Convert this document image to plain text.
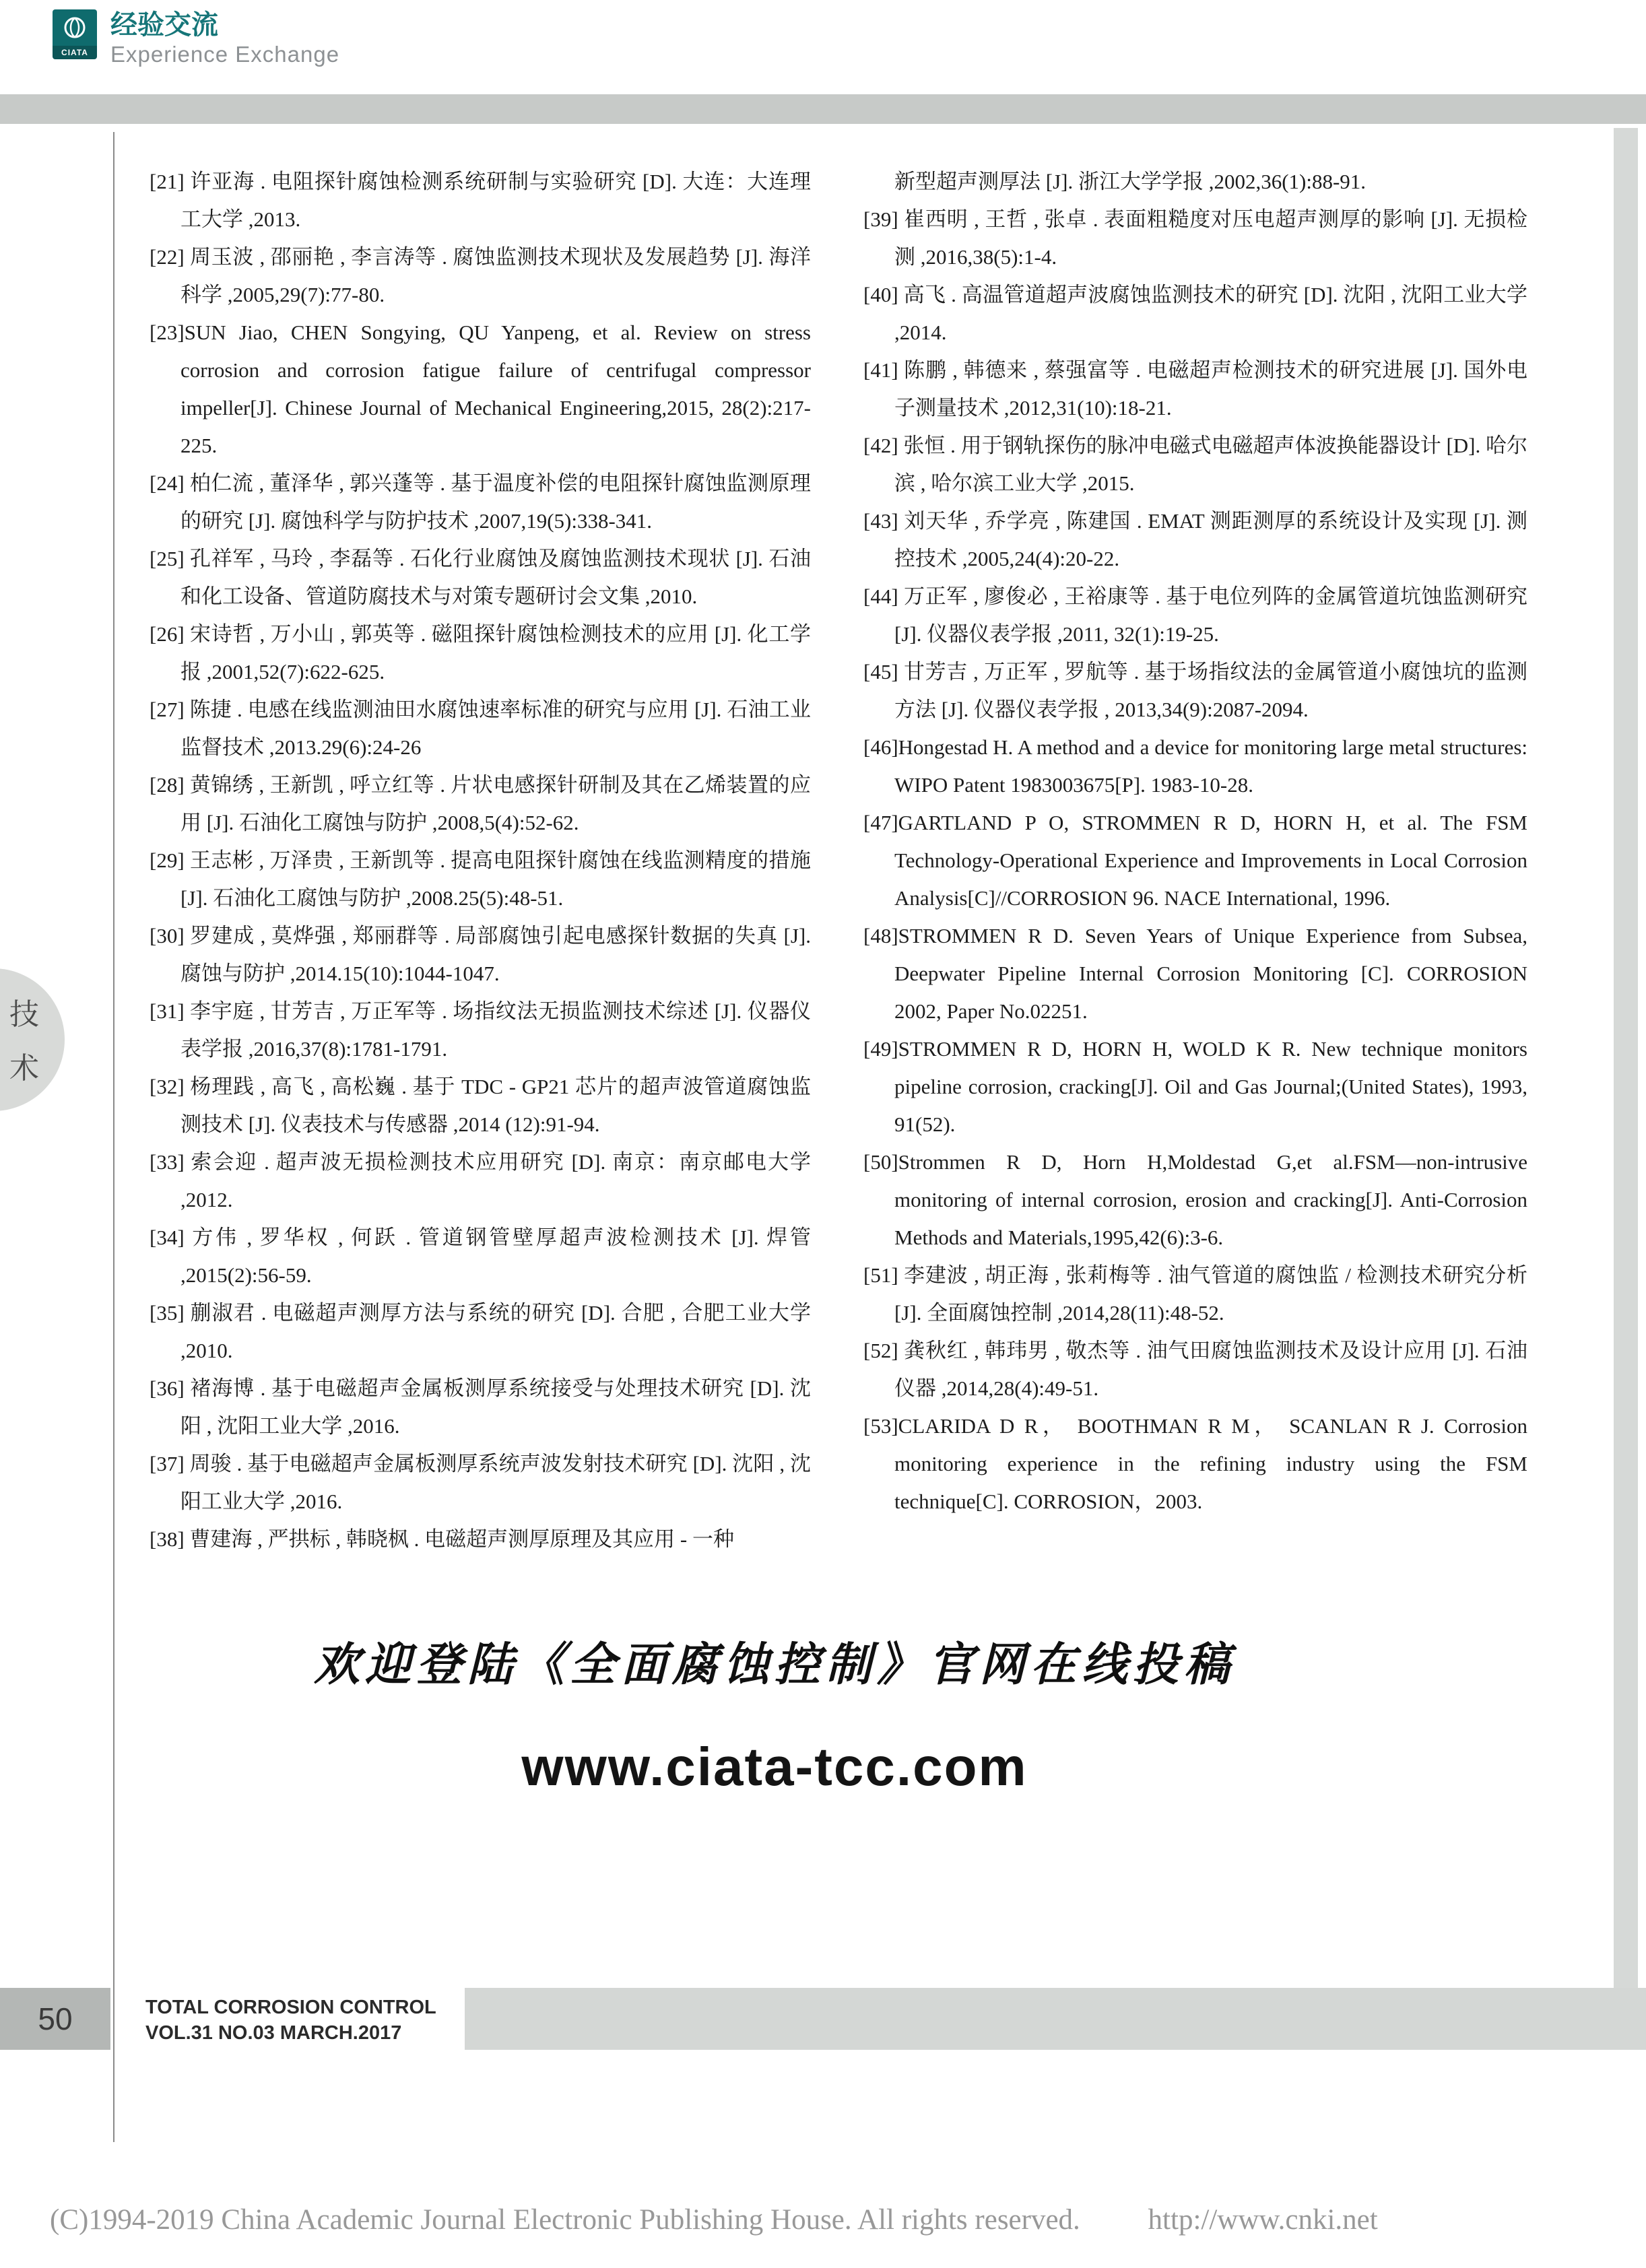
CIATA
经验交流
Experience Exchange
技
术

[21] 许亚海 . 电阻探针腐蚀检测系统研制与实验研究 [D]. 大连：大连理工大学 ,2013.

[22] 周玉波 , 邵丽艳 , 李言涛等 . 腐蚀监测技术现状及发展趋势 [J]. 海洋科学 ,2005,29(7):77-80.

[23]SUN Jiao, CHEN Songying, QU Yanpeng, et al. Review on stress corrosion and corrosion fatigue failure of centrifugal compressor impeller[J]. Chinese Journal of Mechanical Engineering,2015, 28(2):217-225.

[24] 柏仁流 , 董泽华 , 郭兴蓬等 . 基于温度补偿的电阻探针腐蚀监测原理的研究 [J]. 腐蚀科学与防护技术 ,2007,19(5):338-341.

[25] 孔祥军 , 马玲 , 李磊等 . 石化行业腐蚀及腐蚀监测技术现状 [J]. 石油和化工设备、管道防腐技术与对策专题研讨会文集 ,2010.

[26] 宋诗哲 , 万小山 , 郭英等 . 磁阻探针腐蚀检测技术的应用 [J]. 化工学报 ,2001,52(7):622-625.

[27] 陈捷 . 电感在线监测油田水腐蚀速率标准的研究与应用 [J]. 石油工业监督技术 ,2013.29(6):24-26

[28] 黄锦绣 , 王新凯 , 呼立红等 . 片状电感探针研制及其在乙烯装置的应用 [J]. 石油化工腐蚀与防护 ,2008,5(4):52-62.

[29] 王志彬 , 万泽贵 , 王新凯等 . 提高电阻探针腐蚀在线监测精度的措施 [J]. 石油化工腐蚀与防护 ,2008.25(5):48-51.

[30] 罗建成 , 莫烨强 , 郑丽群等 . 局部腐蚀引起电感探针数据的失真 [J]. 腐蚀与防护 ,2014.15(10):1044-1047.

[31] 李宇庭 , 甘芳吉 , 万正军等 . 场指纹法无损监测技术综述 [J]. 仪器仪表学报 ,2016,37(8):1781-1791.

[32] 杨理践 , 高飞 , 高松巍 . 基于 TDC - GP21 芯片的超声波管道腐蚀监测技术 [J]. 仪表技术与传感器 ,2014 (12):91-94.

[33] 索会迎 . 超声波无损检测技术应用研究 [D]. 南京：南京邮电大学 ,2012.

[34] 方伟 , 罗华权 , 何跃 . 管道钢管壁厚超声波检测技术 [J]. 焊管 ,2015(2):56-59.

[35] 蒯淑君 . 电磁超声测厚方法与系统的研究 [D]. 合肥 , 合肥工业大学 ,2010.

[36] 褚海博 . 基于电磁超声金属板测厚系统接受与处理技术研究 [D]. 沈阳 , 沈阳工业大学 ,2016.

[37] 周骏 . 基于电磁超声金属板测厚系统声波发射技术研究 [D]. 沈阳 , 沈阳工业大学 ,2016.

[38] 曹建海 , 严拱标 , 韩晓枫 . 电磁超声测厚原理及其应用 - 一种

新型超声测厚法 [J]. 浙江大学学报 ,2002,36(1):88-91.

[39] 崔西明 , 王哲 , 张卓 . 表面粗糙度对压电超声测厚的影响 [J]. 无损检测 ,2016,38(5):1-4.

[40] 高飞 . 高温管道超声波腐蚀监测技术的研究 [D]. 沈阳 , 沈阳工业大学 ,2014.

[41] 陈鹏 , 韩德来 , 蔡强富等 . 电磁超声检测技术的研究进展 [J]. 国外电子测量技术 ,2012,31(10):18-21.

[42] 张恒 . 用于钢轨探伤的脉冲电磁式电磁超声体波换能器设计 [D]. 哈尔滨 , 哈尔滨工业大学 ,2015.

[43] 刘天华 , 乔学亮 , 陈建国 . EMAT 测距测厚的系统设计及实现 [J]. 测控技术 ,2005,24(4):20-22.

[44] 万正军 , 廖俊必 , 王裕康等 . 基于电位列阵的金属管道坑蚀监测研究 [J]. 仪器仪表学报 ,2011, 32(1):19-25.

[45] 甘芳吉 , 万正军 , 罗航等 . 基于场指纹法的金属管道小腐蚀坑的监测方法 [J]. 仪器仪表学报 , 2013,34(9):2087-2094.

[46]Hongestad H. A method and a device for monitoring large metal structures: WIPO Patent 1983003675[P]. 1983-10-28.

[47]GARTLAND P O, STROMMEN R D, HORN H, et al. The FSM Technology-Operational Experience and Improvements in Local Corrosion Analysis[C]//CORROSION 96. NACE International, 1996.

[48]STROMMEN R D. Seven Years of Unique Experience from Subsea, Deepwater Pipeline Internal Corrosion Monitoring [C]. CORROSION 2002, Paper No.02251.

[49]STROMMEN R D, HORN H, WOLD K R. New technique monitors pipeline corrosion, cracking[J]. Oil and Gas Journal;(United States), 1993, 91(52).

[50]Strommen R D, Horn H,Moldestad G,et al.FSM—non-intrusive monitoring of internal corrosion, erosion and cracking[J]. Anti-Corrosion Methods and Materials,1995,42(6):3-6.

[51] 李建波 , 胡正海 , 张莉梅等 . 油气管道的腐蚀监 / 检测技术研究分析 [J]. 全面腐蚀控制 ,2014,28(11):48-52.

[52] 龚秋红 , 韩玮男 , 敬杰等 . 油气田腐蚀监测技术及设计应用 [J]. 石油仪器 ,2014,28(4):49-51.

[53]CLARIDA D R， BOOTHMAN R M， SCANLAN R J. Corrosion monitoring experience in the refining industry using the FSM technique[C]. CORROSION，2003.

欢迎登陆《全面腐蚀控制》官网在线投稿
www.ciata-tcc.com
50	TOTAL CORROSION CONTROL
VOL.31 NO.03 MARCH.2017
(C)1994-2019 China Academic Journal Electronic Publishing House. All rights reserved. http://www.cnki.net
